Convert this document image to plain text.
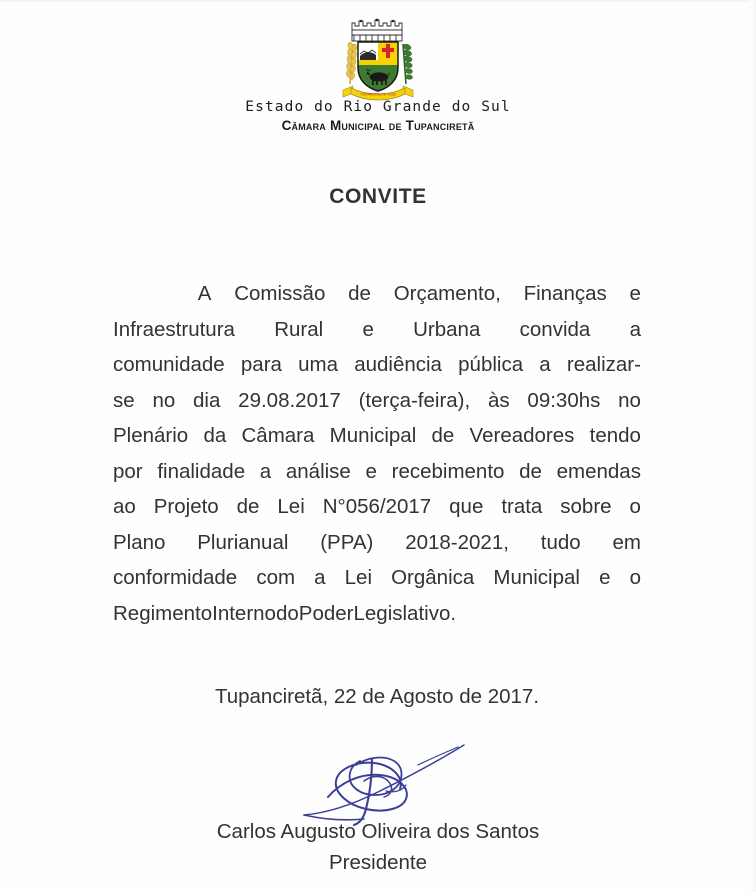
TUPANCIRETA 1928
Estado do Rio Grande do Sul
Câmara Municipal de Tupanciretã
CONVITE
A Comissão de Orçamento, Finanças e
Infraestrutura Rural e Urbana convida a
comunidade para uma audiência pública a realizar-
se no dia 29.08.2017 (terça-feira), às 09:30hs no
Plenário da Câmara Municipal de Vereadores tendo
por finalidade a análise e recebimento de emendas
ao Projeto de Lei N°056/2017 que trata sobre o
Plano Plurianual (PPA) 2018-2021, tudo em
conformidade com a Lei Orgânica Municipal e o
Regimento Interno do Poder Legislativo.
Tupanciretã, 22 de Agosto de 2017.
Carlos Augusto Oliveira dos Santos
Presidente
